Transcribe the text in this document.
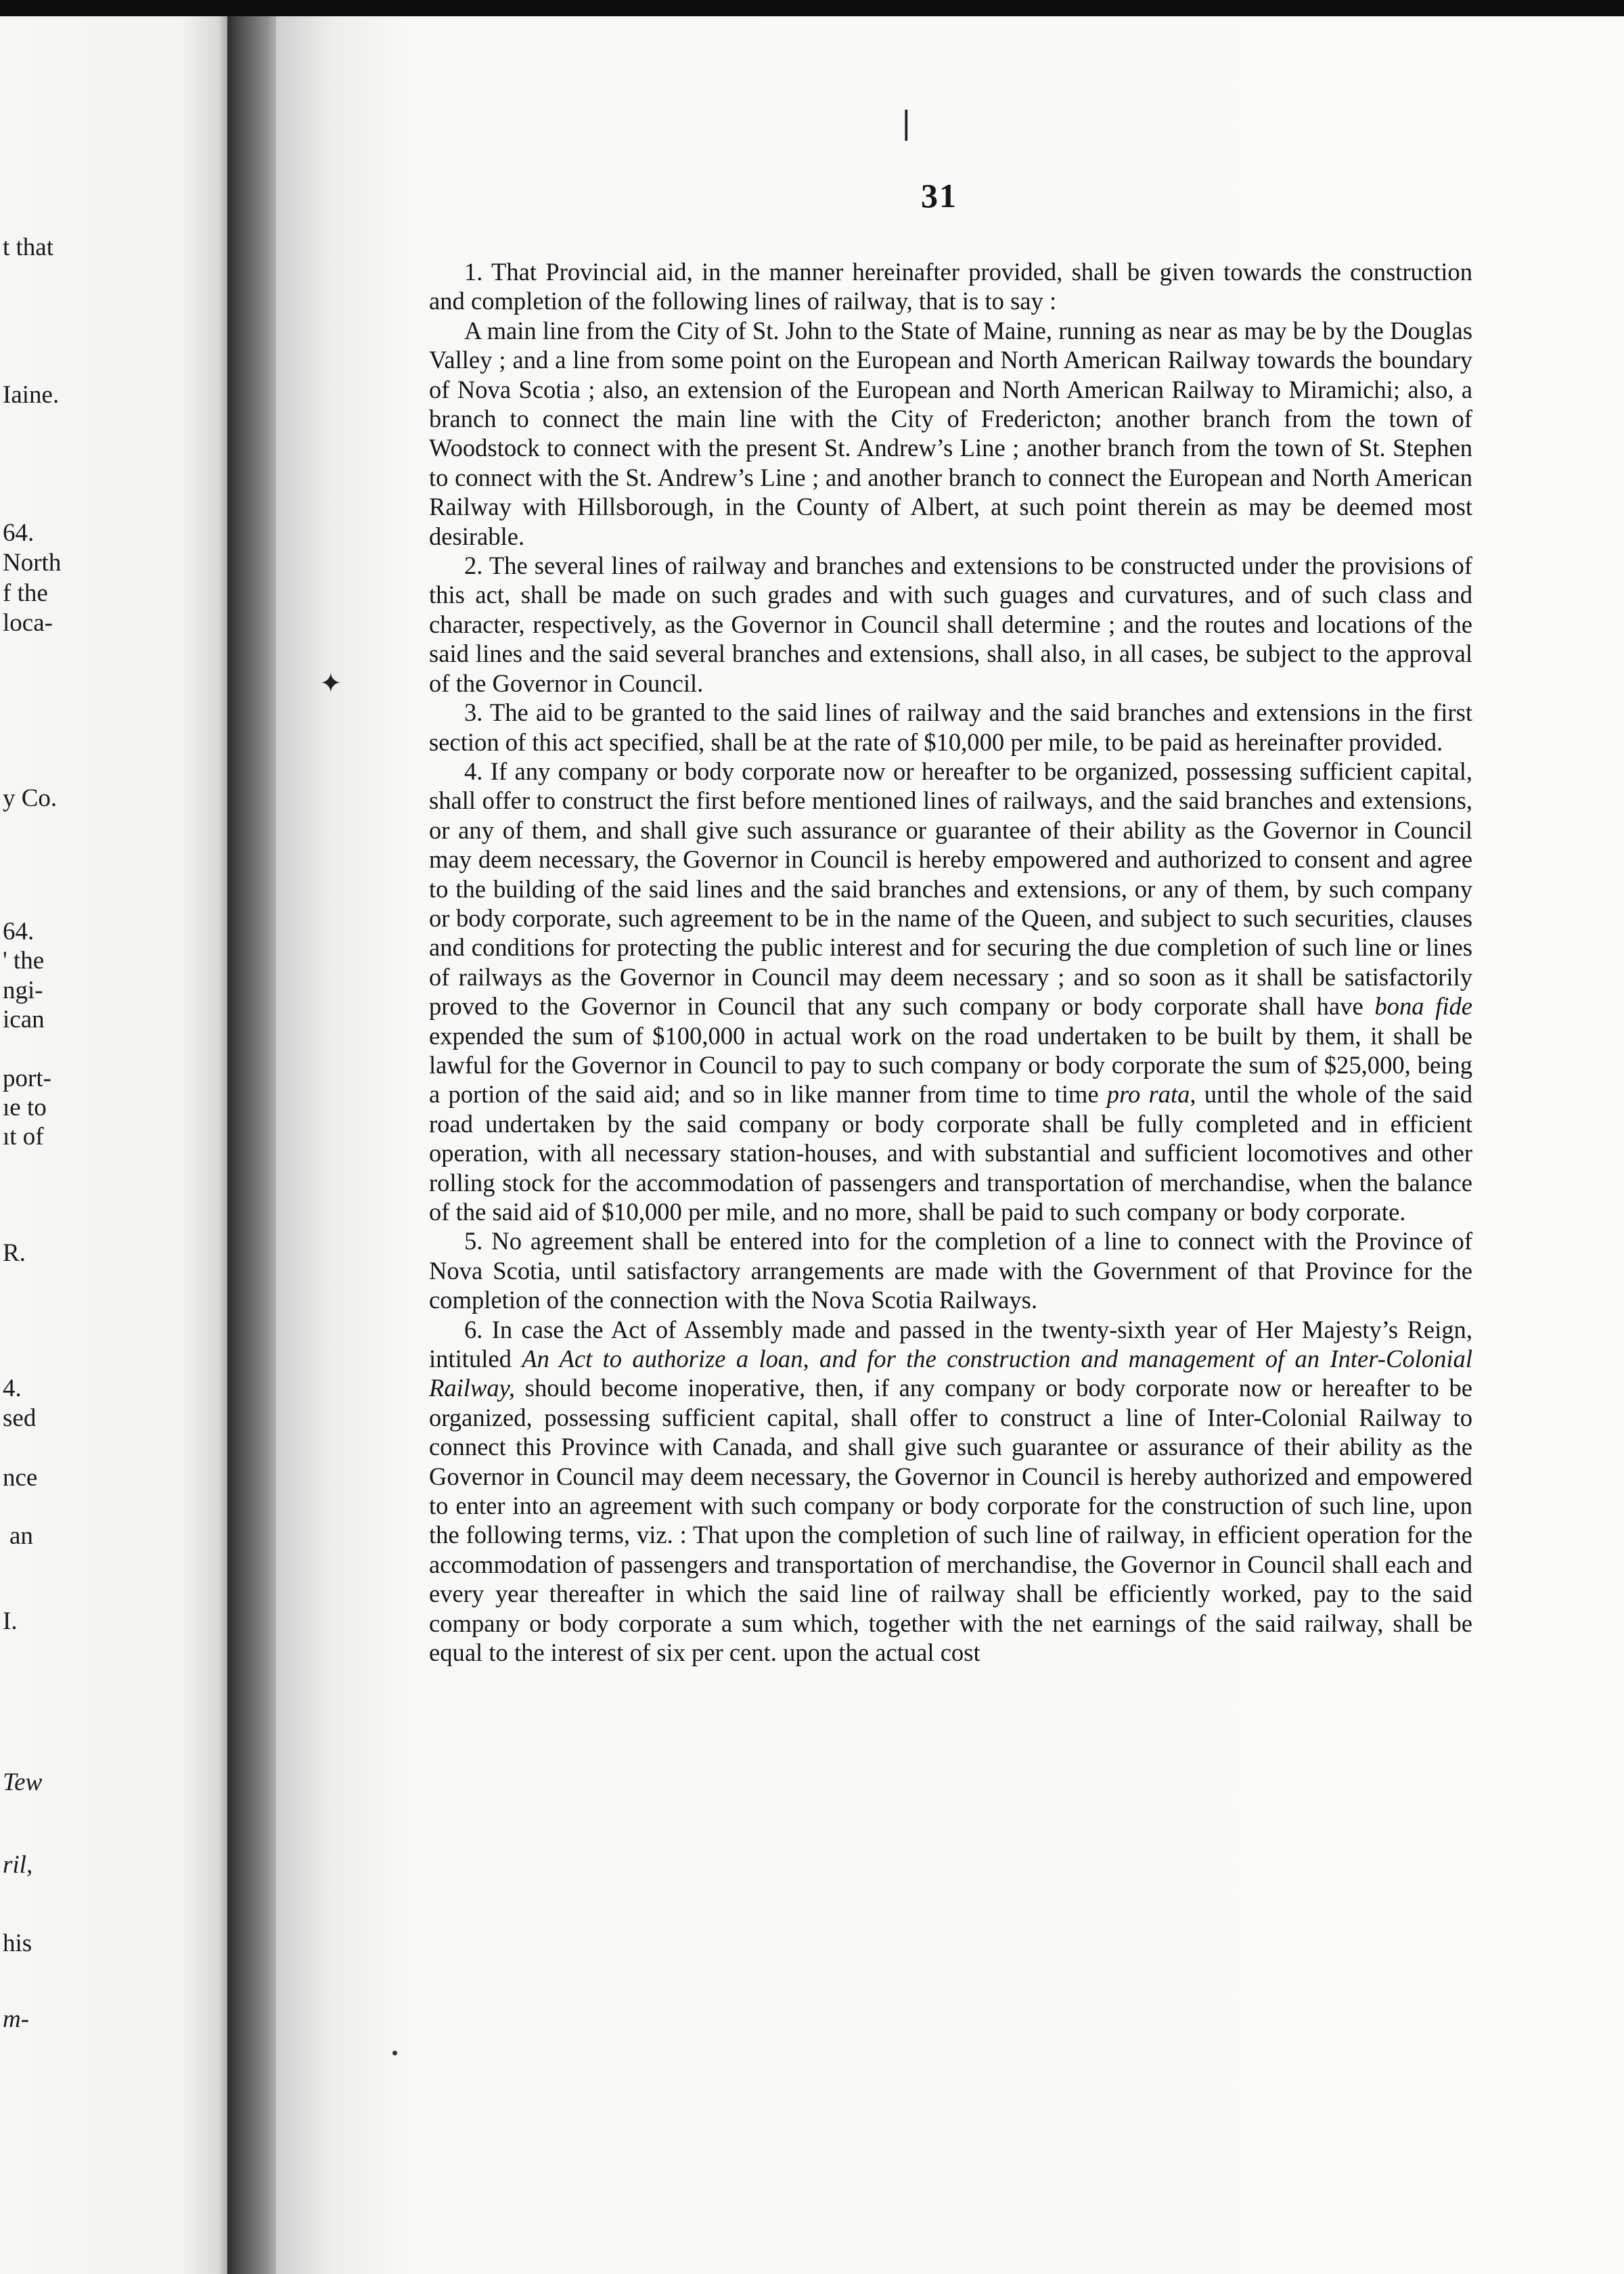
t that
Iaine.
64.
North
f the
loca-
y Co.
64.
' the
ngi-
ican
port-
ıe to
ıt of
R.
4.
sed
nce
an
I.
Tew
ril,
his
m-
❘
31
✦

1. That Provincial aid, in the manner hereinafter provided, shall be given towards the construction and completion of the following lines of railway, that is to say :

A main line from the City of St. John to the State of Maine, running as near as may be by the Douglas Valley ; and a line from some point on the European and North American Railway towards the boundary of Nova Scotia ; also, an extension of the European and North American Railway to Miramichi; also, a branch to connect the main line with the City of Fredericton; another branch from the town of Woodstock to connect with the present St. Andrew’s Line ; another branch from the town of St. Stephen to connect with the St. Andrew’s Line ; and another branch to connect the European and North American Railway with Hillsborough, in the County of Albert, at such point therein as may be deemed most desirable.

2. The several lines of railway and branches and extensions to be constructed under the provisions of this act, shall be made on such grades and with such guages and curvatures, and of such class and character, respectively, as the Governor in Council shall determine ; and the routes and locations of the said lines and the said several branches and extensions, shall also, in all cases, be subject to the approval of the Governor in Council.

3. The aid to be granted to the said lines of railway and the said branches and extensions in the first section of this act specified, shall be at the rate of $10,000 per mile, to be paid as hereinafter provided.

4. If any company or body corporate now or hereafter to be organized, possessing sufficient capital, shall offer to construct the first before mentioned lines of railways, and the said branches and extensions, or any of them, and shall give such assurance or guarantee of their ability as the Governor in Council may deem necessary, the Governor in Council is hereby empowered and authorized to consent and agree to the building of the said lines and the said branches and extensions, or any of them, by such company or body corporate, such agreement to be in the name of the Queen, and subject to such securities, clauses and conditions for protecting the public interest and for securing the due completion of such line or lines of railways as the Governor in Council may deem necessary ; and so soon as it shall be satisfactorily proved to the Governor in Council that any such company or body corporate shall have bona fide expended the sum of $100,000 in actual work on the road undertaken to be built by them, it shall be lawful for the Governor in Council to pay to such company or body corporate the sum of $25,000, being a portion of the said aid; and so in like manner from time to time pro rata, until the whole of the said road undertaken by the said company or body corporate shall be fully completed and in efficient operation, with all necessary station-houses, and with substantial and sufficient locomotives and other rolling stock for the accommodation of passengers and transportation of merchandise, when the balance of the said aid of $10,000 per mile, and no more, shall be paid to such company or body corporate.

5. No agreement shall be entered into for the completion of a line to connect with the Province of Nova Scotia, until satisfactory arrangements are made with the Government of that Province for the completion of the connection with the Nova Scotia Railways.

6. In case the Act of Assembly made and passed in the twenty-sixth year of Her Majesty’s Reign, intituled An Act to authorize a loan, and for the construction and management of an Inter-Colonial Railway, should become inoperative, then, if any company or body corporate now or hereafter to be organized, possessing sufficient capital, shall offer to construct a line of Inter-Colonial Railway to connect this Province with Canada, and shall give such guarantee or assurance of their ability as the Governor in Council may deem necessary, the Governor in Council is hereby authorized and empowered to enter into an agreement with such company or body corporate for the construction of such line, upon the following terms, viz. : That upon the completion of such line of railway, in efficient operation for the accommodation of passengers and transportation of merchandise, the Governor in Council shall each and every year thereafter in which the said line of railway shall be efficiently worked, pay to the said company or body corporate a sum which, together with the net earnings of the said railway, shall be equal to the interest of six per cent. upon the actual cost
